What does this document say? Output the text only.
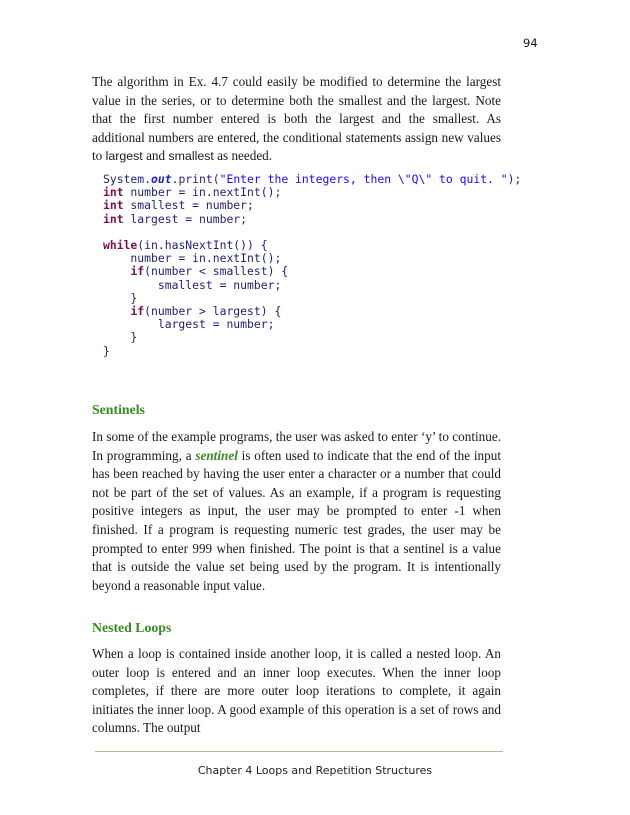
94

The algorithm in Ex. 4.7 could easily be modified to determine the largest value in the series, or to determine both the smallest and the largest. Note that the first number entered is both the largest and the smallest. As additional numbers are entered, the conditional statements assign new values to largest and smallest as needed.

System.out.print("Enter the integers, then \"Q\" to quit. ");
int number = in.nextInt();
int smallest = number;
int largest = number;

while(in.hasNextInt()) {
number = in.nextInt();
if(number < smallest) {
smallest = number;
}
if(number > largest) {
largest = number;
}
}
Sentinels

In some of the example programs, the user was asked to enter ‘y’ to continue. In programming, a sentinel is often used to indicate that the end of the input has been reached by having the user enter a character or a number that could not be part of the set of values. As an example, if a program is requesting positive integers as input, the user may be prompted to enter -1 when finished. If a program is requesting numeric test grades, the user may be prompted to enter 999 when finished. The point is that a sentinel is a value that is outside the value set being used by the program. It is intentionally beyond a reasonable input value.

Nested Loops

When a loop is contained inside another loop, it is called a nested loop. An outer loop is entered and an inner loop executes. When the inner loop completes, if there are more outer loop iterations to complete, it again initiates the inner loop. A good example of this operation is a set of rows and columns. The output

Chapter 4 Loops and Repetition Structures
